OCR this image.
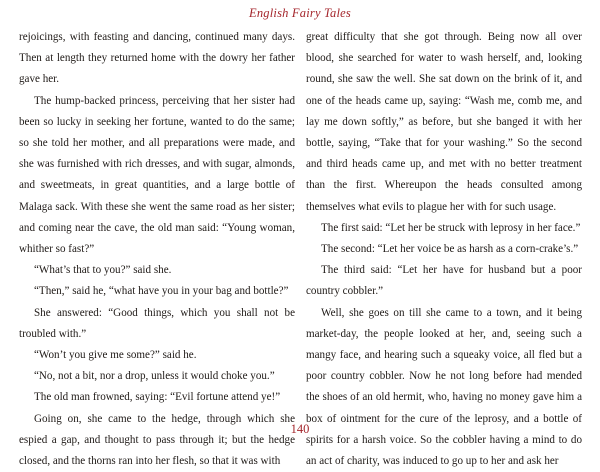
English Fairy Tales

rejoicings, with feasting and dancing, continued many days. Then at length they returned home with the dowry her father gave her.

The hump-backed princess, perceiving that her sister had been so lucky in seeking her fortune, wanted to do the same; so she told her mother, and all preparations were made, and she was furnished with rich dresses, and with sugar, almonds, and sweetmeats, in great quantities, and a large bottle of Malaga sack. With these she went the same road as her sister; and coming near the cave, the old man said: “Young woman, whither so fast?”

“What’s that to you?” said she.

“Then,” said he, “what have you in your bag and bottle?”

She answered: “Good things, which you shall not be troubled with.”

“Won’t you give me some?” said he.

“No, not a bit, nor a drop, unless it would choke you.”

The old man frowned, saying: “Evil fortune attend ye!”

Going on, she came to the hedge, through which she espied a gap, and thought to pass through it; but the hedge closed, and the thorns ran into her flesh, so that it was with

great difficulty that she got through. Being now all over blood, she searched for water to wash herself, and, looking round, she saw the well. She sat down on the brink of it, and one of the heads came up, saying: “Wash me, comb me, and lay me down softly,” as before, but she banged it with her bottle, saying, “Take that for your washing.” So the second and third heads came up, and met with no better treatment than the first. Whereupon the heads consulted among themselves what evils to plague her with for such usage.

The first said: “Let her be struck with leprosy in her face.”

The second: “Let her voice be as harsh as a corn-crake’s.”

The third said: “Let her have for husband but a poor country cobbler.”

Well, she goes on till she came to a town, and it being market-day, the people looked at her, and, seeing such a mangy face, and hearing such a squeaky voice, all fled but a poor country cobbler. Now he not long before had mended the shoes of an old hermit, who, having no money gave him a box of ointment for the cure of the leprosy, and a bottle of spirits for a harsh voice. So the cobbler having a mind to do an act of charity, was induced to go up to her and ask her

140
